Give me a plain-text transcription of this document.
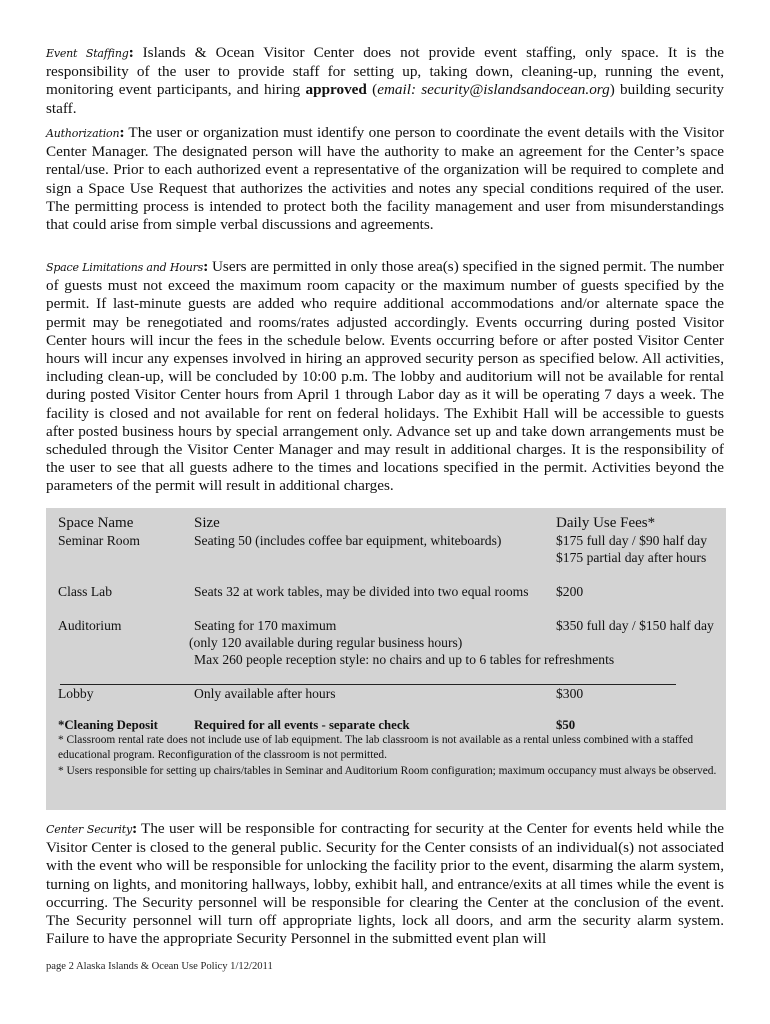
Event Staffing : Islands & Ocean Visitor Center does not provide event staffing, only space. It is the responsibility of the user to provide staff for setting up, taking down, cleaning-up, running the event, monitoring event participants, and hiring approved (email: security@islandsandocean.org) building security staff.

Authorization : The user or organization must identify one person to coordinate the event details with the Visitor Center Manager. The designated person will have the authority to make an agreement for the Center’s space rental/use. Prior to each authorized event a representative of the organization will be required to complete and sign a Space Use Request that authorizes the activities and notes any special conditions required of the user. The permitting process is intended to protect both the facility management and user from misunderstandings that could arise from simple verbal discussions and agreements.

Space Limitations and Hours : Users are permitted in only those area(s) specified in the signed permit. The number of guests must not exceed the maximum room capacity or the maximum number of guests specified by the permit. If last-minute guests are added who require additional accommodations and/or alternate space the permit may be renegotiated and rooms/rates adjusted accordingly. Events occurring during posted Visitor Center hours will incur the fees in the schedule below. Events occurring before or after posted Visitor Center hours will incur any expenses involved in hiring an approved security person as specified below. All activities, including clean-up, will be concluded by 10:00 p.m. The lobby and auditorium will not be available for rental during posted Visitor Center hours from April 1 through Labor day as it will be operating 7 days a week. The facility is closed and not available for rent on federal holidays. The Exhibit Hall will be accessible to guests after posted business hours by special arrangement only. Advance set up and take down arrangements must be scheduled through the Visitor Center Manager and may result in additional charges. It is the responsibility of the user to see that all guests adhere to the times and locations specified in the permit. Activities beyond the parameters of the permit will result in additional charges.

Space Name	Size	Daily Use Fees*
Seminar Room	Seating 50 (includes coffee bar equipment, whiteboards)	$175 full day / $90 half day
$175 partial day after hours
Class Lab	Seats 32 at work tables, may be divided into two equal rooms $200
Auditorium	Seating for 170 maximum	$350 full day / $150 half day
(only 120 available during regular business hours)
Max 260 people reception style: no chairs and up to 6 tables for refreshments
Lobby	Only available after hours	$300
*Cleaning Deposit	Required for all events - separate check	$50
* Classroom rental rate does not include use of lab equipment. The lab classroom is not available as a rental unless combined with a staffed educational program. Reconfiguration of the classroom is not permitted.
* Users responsible for setting up chairs/tables in Seminar and Auditorium Room configuration; maximum occupancy must always be observed.

Center Security : The user will be responsible for contracting for security at the Center for events held while the Visitor Center is closed to the general public. Security for the Center consists of an individual(s) not associated with the event who will be responsible for unlocking the facility prior to the event, disarming the alarm system, turning on lights, and monitoring hallways, lobby, exhibit hall, and entrance/exits at all times while the event is occurring. The Security personnel will be responsible for clearing the Center at the conclusion of the event. The Security personnel will turn off appropriate lights, lock all doors, and arm the security alarm system. Failure to have the appropriate Security Personnel in the submitted event plan will

page 2 Alaska Islands & Ocean Use Policy 1/12/2011
